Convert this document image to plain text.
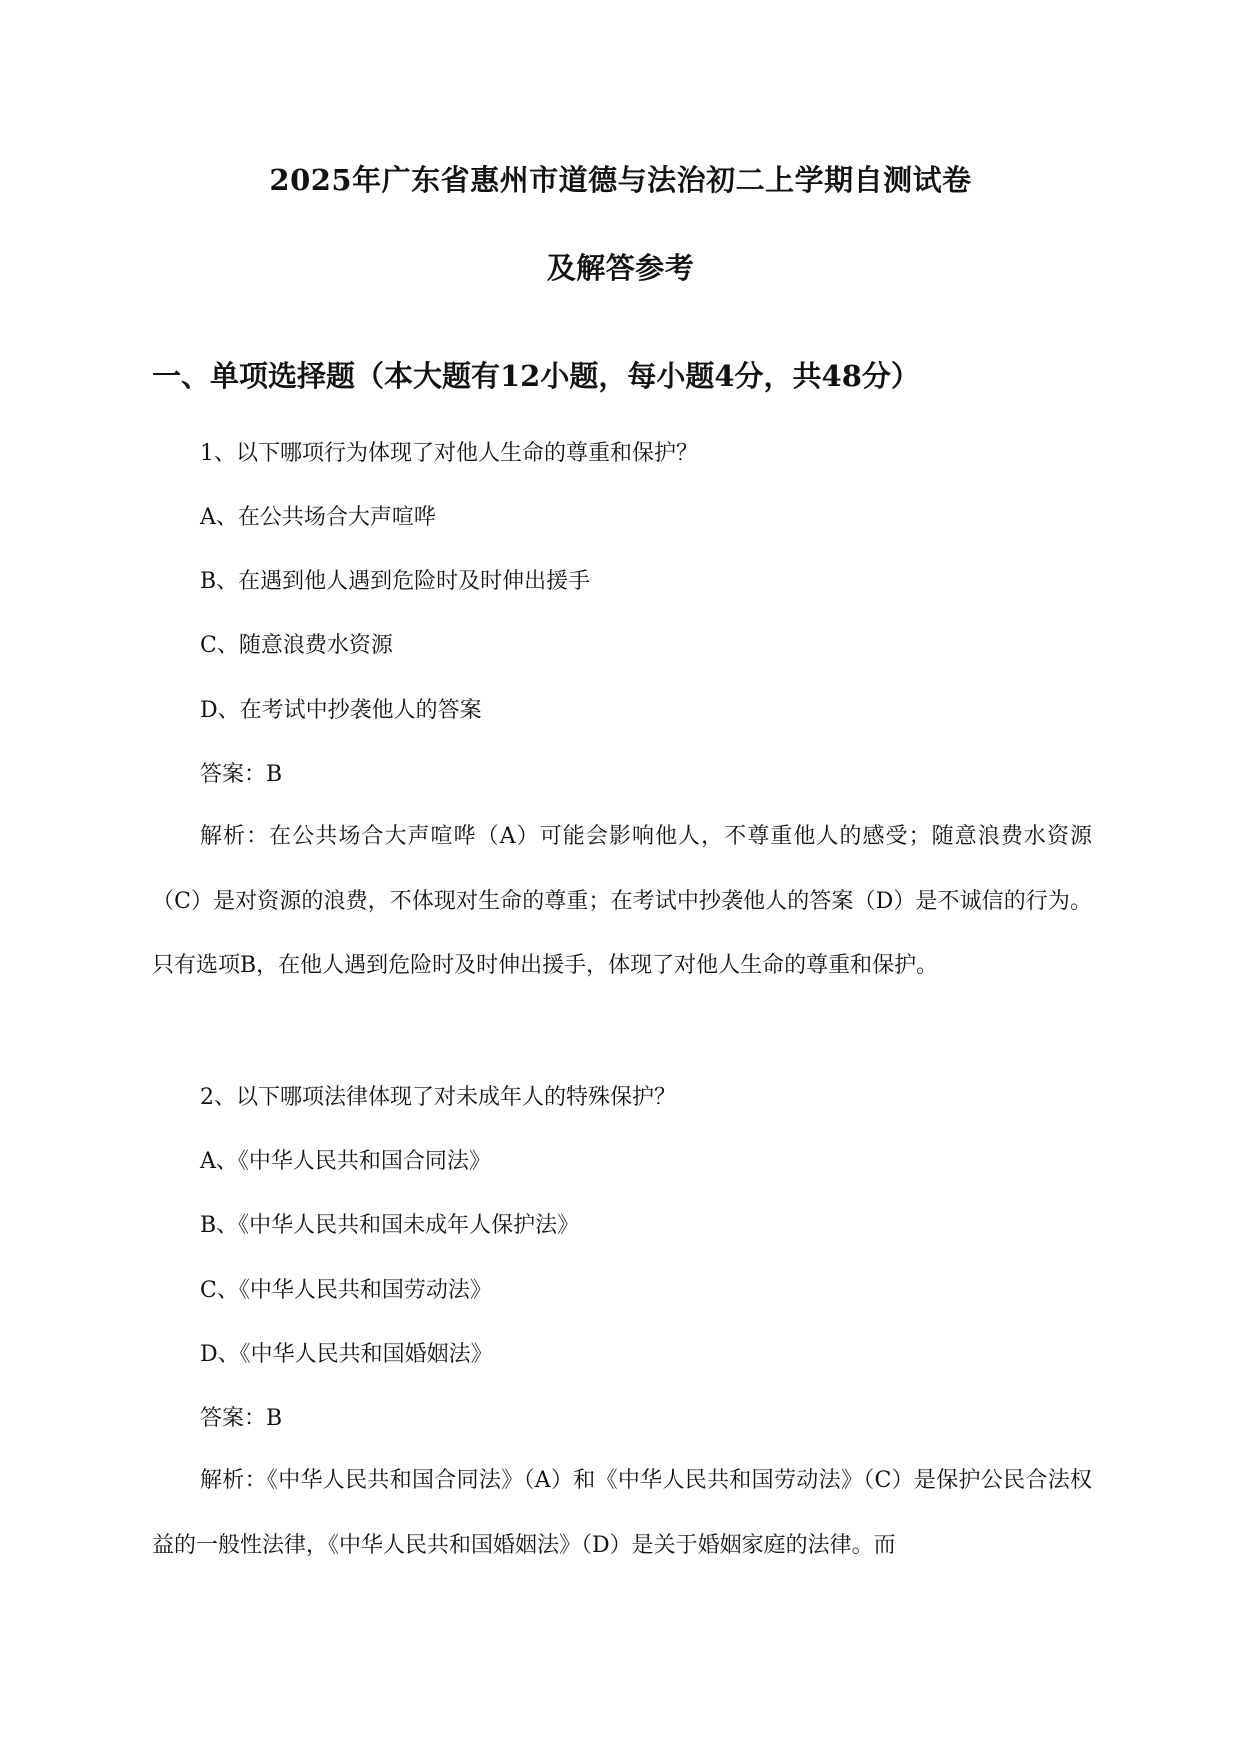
2025年广东省惠州市道德与法治初二上学期自测试卷
及解答参考
一、单项选择题（本大题有12小题，每小题4分，共48分）
1、以下哪项行为体现了对他人生命的尊重和保护？
A、在公共场合大声喧哗
B、在遇到他人遇到危险时及时伸出援手
C、随意浪费水资源
D、在考试中抄袭他人的答案
答案：B
解析：在公共场合大声喧哗（A）可能会影响他人，不尊重他人的感受；随意浪费水资源（C）是对资源的浪费，不体现对生命的尊重；在考试中抄袭他人的答案（D）是不诚信的行为。只有选项B，在他人遇到危险时及时伸出援手，体现了对他人生命的尊重和保护。
2、以下哪项法律体现了对未成年人的特殊保护？
A、《中华人民共和国合同法》
B、《中华人民共和国未成年人保护法》
C、《中华人民共和国劳动法》
D、《中华人民共和国婚姻法》
答案：B
解析：《中华人民共和国合同法》（A）和《中华人民共和国劳动法》（C）是保护公民合法权益的一般性法律，《中华人民共和国婚姻法》（D）是关于婚姻家庭的法律。而
